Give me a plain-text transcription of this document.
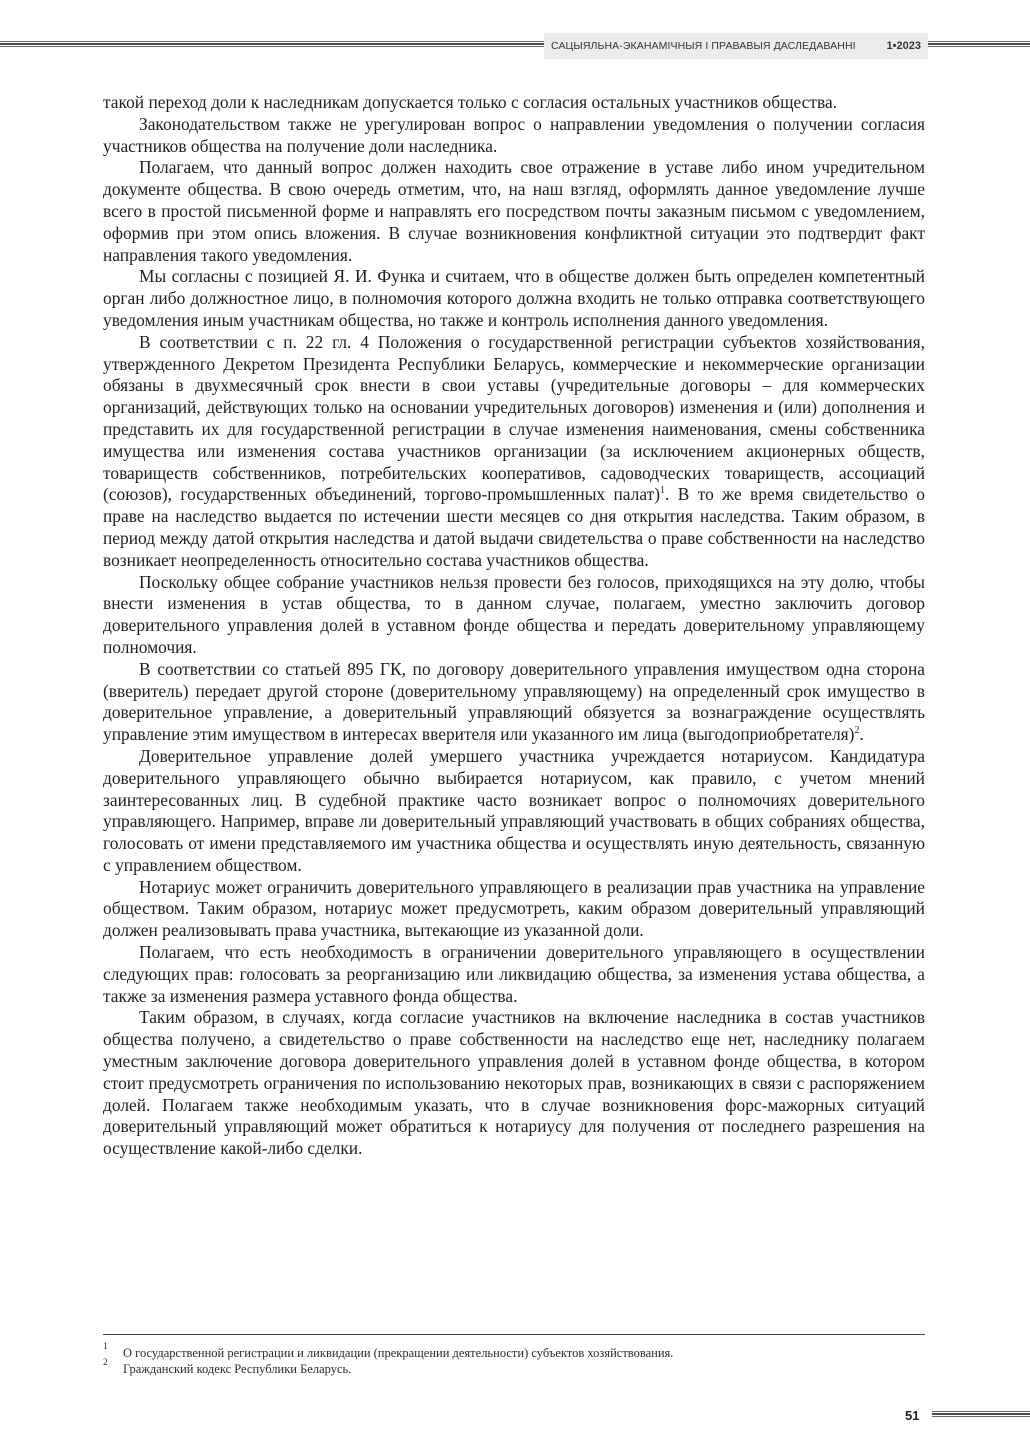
САЦЫЯЛЬНА-ЭКАНАМІЧНЫЯ І ПРАВАВЫЯ ДАСЛЕДАВАННІ	1•2023

такой переход доли к наследникам допускается только с согласия остальных участников общества.

Законодательством также не урегулирован вопрос о направлении уведомления о получении согласия участников общества на получение доли наследника.

Полагаем, что данный вопрос должен находить свое отражение в уставе либо ином учредительном документе общества. В свою очередь отметим, что, на наш взгляд, оформлять данное уведомление лучше всего в простой письменной форме и направлять его посредством почты заказным письмом с уведомлением, оформив при этом опись вложения. В случае возникновения конфликтной ситуации это подтвердит факт направления такого уведомления.

Мы согласны с позицией Я. И. Функа и считаем, что в обществе должен быть определен компетентный орган либо должностное лицо, в полномочия которого должна входить не только отправка соответствующего уведомления иным участникам общества, но также и контроль исполнения данного уведомления.

В соответствии с п. 22 гл. 4 Положения о государственной регистрации субъектов хозяйствования, утвержденного Декретом Президента Республики Беларусь, коммерческие и некоммерческие организации обязаны в двухмесячный срок внести в свои уставы (учредительные договоры – для коммерческих организаций, действующих только на основании учредительных договоров) изменения и (или) дополнения и представить их для государственной регистрации в случае изменения наименования, смены собственника имущества или изменения состава участников организации (за исключением акционерных обществ, товариществ собственников, потребительских кооперативов, садоводческих товариществ, ассоциаций (союзов), государственных объединений, торгово-промышленных палат)$^1$. В то же время свидетельство о праве на наследство выдается по истечении шести месяцев со дня открытия наследства. Таким образом, в период между датой открытия наследства и датой выдачи свидетельства о праве собственности на наследство возникает неопределенность относительно состава участников общества.

Поскольку общее собрание участников нельзя провести без голосов, приходящихся на эту долю, чтобы внести изменения в устав общества, то в данном случае, полагаем, уместно заключить договор доверительного управления долей в уставном фонде общества и передать доверительному управляющему полномочия.

В соответствии со статьей 895 ГК, по договору доверительного управления имуществом одна сторона (вверитель) передает другой стороне (доверительному управляющему) на определенный срок имущество в доверительное управление, а доверительный управляющий обязуется за вознаграждение осуществлять управление этим имуществом в интересах вверителя или указанного им лица (выгодоприобретателя)$^2$.

Доверительное управление долей умершего участника учреждается нотариусом. Кандидатура доверительного управляющего обычно выбирается нотариусом, как правило, с учетом мнений заинтересованных лиц. В судебной практике часто возникает вопрос о полномочиях доверительного управляющего. Например, вправе ли доверительный управляющий участвовать в общих собраниях общества, голосовать от имени представляемого им участника общества и осуществлять иную деятельность, связанную с управлением обществом.

Нотариус может ограничить доверительного управляющего в реализации прав участника на управление обществом. Таким образом, нотариус может предусмотреть, каким образом доверительный управляющий должен реализовывать права участника, вытекающие из указанной доли.

Полагаем, что есть необходимость в ограничении доверительного управляющего в осуществлении следующих прав: голосовать за реорганизацию или ликвидацию общества, за изменения устава общества, а также за изменения размера уставного фонда общества.

Таким образом, в случаях, когда согласие участников на включение наследника в состав участников общества получено, а свидетельство о праве собственности на наследство еще нет, наследнику полагаем уместным заключение договора доверительного управления долей в уставном фонде общества, в котором стоит предусмотреть ограничения по использованию некоторых прав, возникающих в связи с распоряжением долей. Полагаем также необходимым указать, что в случае возникновения форс-мажорных ситуаций доверительный управляющий может обратиться к нотариусу для получения от последнего разрешения на осуществление какой-либо сделки.

1 О государственной регистрации и ликвидации (прекращении деятельности) субъектов хозяйствования.
2 Гражданский кодекс Республики Беларусь.
51
